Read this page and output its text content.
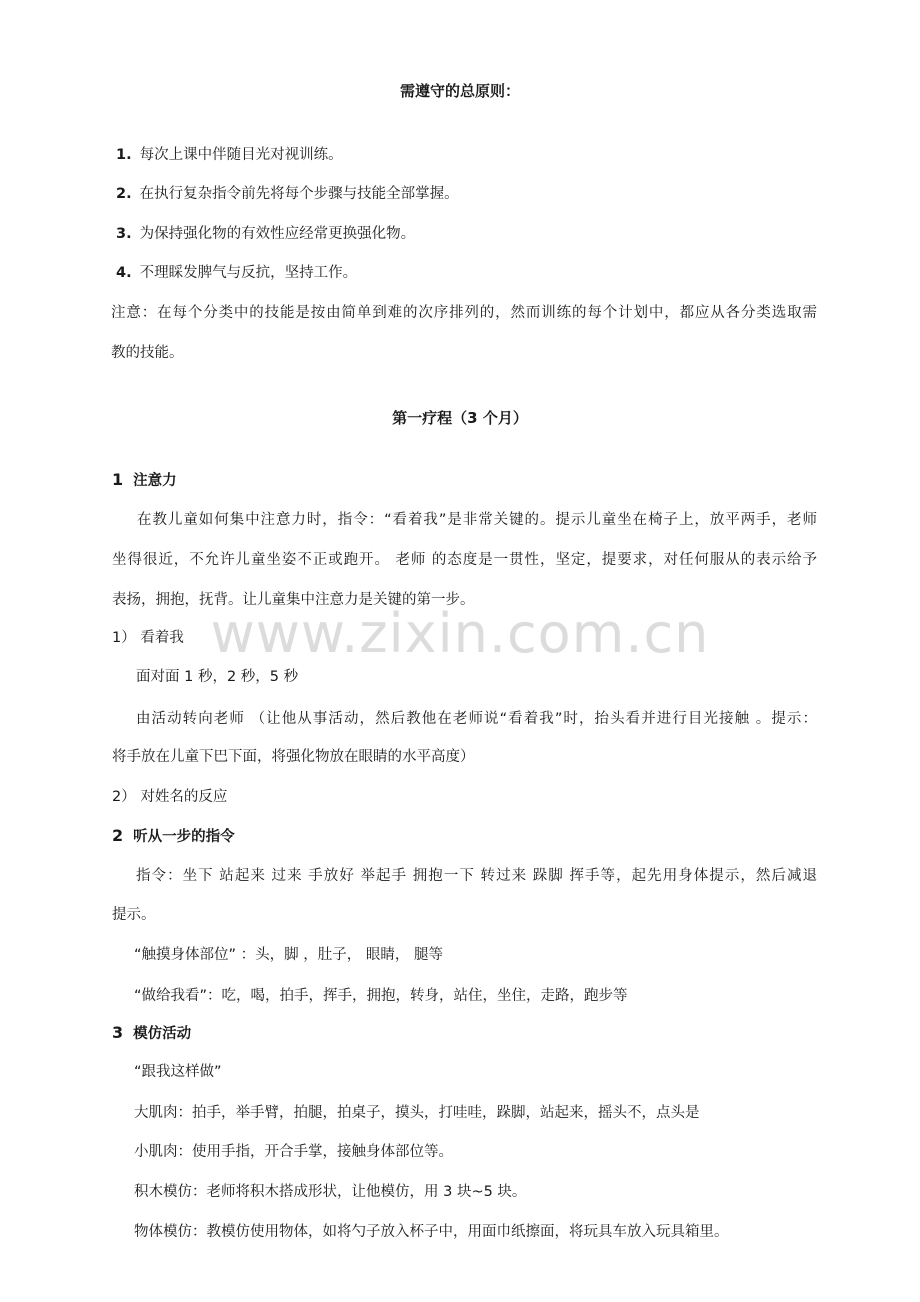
www.zixin.com.cn

需遵守的总原则：

1. 每次上课中伴随目光对视训练。

2. 在执行复杂指令前先将每个步骤与技能全部掌握。

3. 为保持强化物的有效性应经常更换强化物。

4. 不理睬发脾气与反抗，坚持工作。

注意：在每个分类中的技能是按由简单到难的次序排列的，然而训练的每个计划中，都应从各分类选取需

教的技能。

第一疗程（3 个月）

1 注意力

在教儿童如何集中注意力时，指令：“看着我”是非常关键的。提示儿童坐在椅子上，放平两手，老师

坐得很近，不允许儿童坐姿不正或跑开。 老师 的态度是一贯性，坚定，提要求，对任何服从的表示给予

表扬，拥抱，抚背。让儿童集中注意力是关键的第一步。

1） 看着我

面对面 1 秒，2 秒，5 秒

由活动转向老师 （让他从事活动，然后教他在老师说“看着我”时，抬头看并进行目光接触 。提示：

将手放在儿童下巴下面，将强化物放在眼睛的水平高度）

2） 对姓名的反应

2 听从一步的指令

指令：坐下 站起来 过来 手放好 举起手 拥抱一下 转过来 跺脚 挥手等，起先用身体提示，然后减退

提示。

“触摸身体部位” ：头，脚 ，肚子， 眼睛， 腿等

“做给我看”：吃，喝，拍手，挥手，拥抱，转身，站住，坐住，走路，跑步等

3 模仿活动

“跟我这样做”

大肌肉：拍手，举手臂，拍腿，拍桌子，摸头，打哇哇，跺脚，站起来，摇头不，点头是

小肌肉：使用手指，开合手掌，接触身体部位等。

积木模仿：老师将积木搭成形状，让他模仿，用 3 块~5 块。

物体模仿：教模仿使用物体，如将勺子放入杯子中，用面巾纸擦面，将玩具车放入玩具箱里。
